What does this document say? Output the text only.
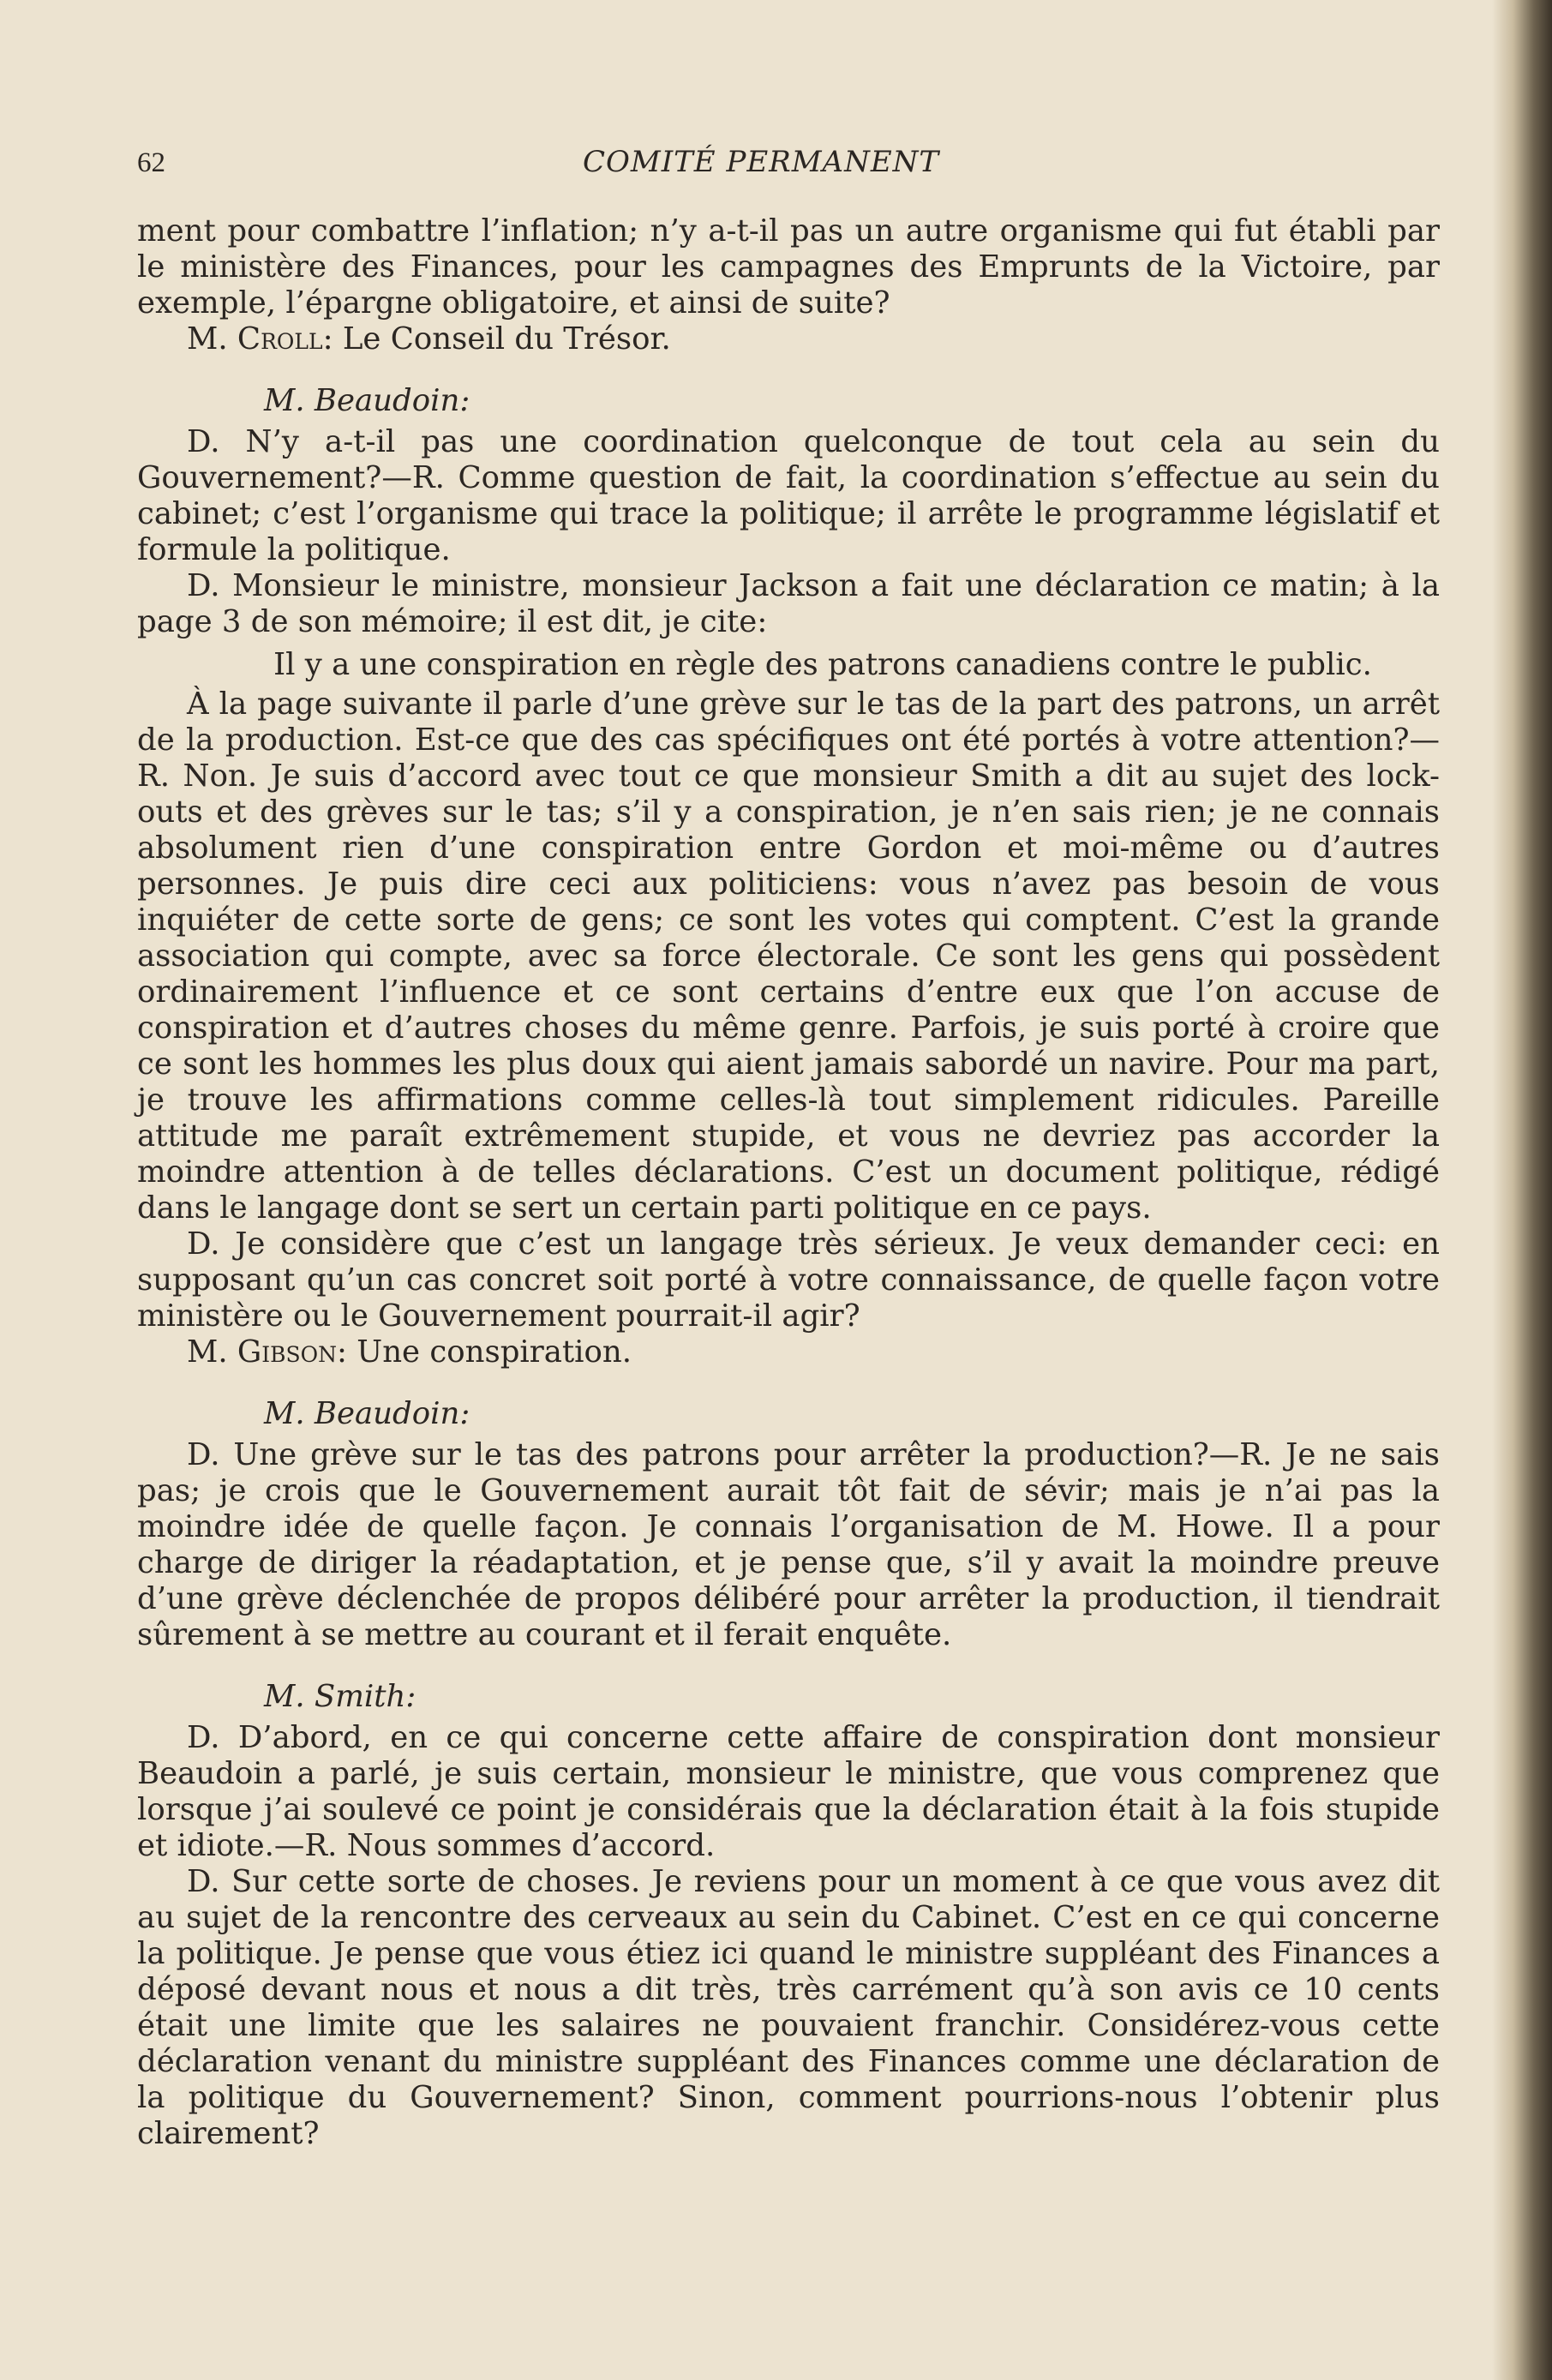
62	COMITÉ PERMANENT

ment pour combattre l’inflation; n’y a-t-il pas un autre organisme qui fut établi par le ministère des Finances, pour les campagnes des Emprunts de la Victoire, par exemple, l’épargne obligatoire, et ainsi de suite?

M. Croll: Le Conseil du Trésor.

M. Beaudoin:

D. N’y a-t-il pas une coordination quelconque de tout cela au sein du Gouvernement?—R. Comme question de fait, la coordination s’effectue au sein du cabinet; c’est l’organisme qui trace la politique; il arrête le programme législatif et formule la politique.

D. Monsieur le ministre, monsieur Jackson a fait une déclaration ce matin; à la page 3 de son mémoire; il est dit, je cite:

Il y a une conspiration en règle des patrons canadiens contre le public.

À la page suivante il parle d’une grève sur le tas de la part des patrons, un arrêt de la production. Est-ce que des cas spécifiques ont été portés à votre attention?—R. Non. Je suis d’accord avec tout ce que monsieur Smith a dit au sujet des lock-outs et des grèves sur le tas; s’il y a conspiration, je n’en sais rien; je ne connais absolument rien d’une conspiration entre Gordon et moi-même ou d’autres personnes. Je puis dire ceci aux politiciens: vous n’avez pas besoin de vous inquiéter de cette sorte de gens; ce sont les votes qui comptent. C’est la grande association qui compte, avec sa force électorale. Ce sont les gens qui possèdent ordinairement l’influence et ce sont certains d’entre eux que l’on accuse de conspiration et d’autres choses du même genre. Parfois, je suis porté à croire que ce sont les hommes les plus doux qui aient jamais sabordé un navire. Pour ma part, je trouve les affirmations comme celles-là tout simplement ridicules. Pareille attitude me paraît extrêmement stupide, et vous ne devriez pas accorder la moindre attention à de telles déclarations. C’est un document politique, rédigé dans le langage dont se sert un certain parti politique en ce pays.

D. Je considère que c’est un langage très sérieux. Je veux demander ceci: en supposant qu’un cas concret soit porté à votre connaissance, de quelle façon votre ministère ou le Gouvernement pourrait-il agir?

M. Gibson: Une conspiration.

M. Beaudoin:

D. Une grève sur le tas des patrons pour arrêter la production?—R. Je ne sais pas; je crois que le Gouvernement aurait tôt fait de sévir; mais je n’ai pas la moindre idée de quelle façon. Je connais l’organisation de M. Howe. Il a pour charge de diriger la réadaptation, et je pense que, s’il y avait la moindre preuve d’une grève déclenchée de propos délibéré pour arrêter la production, il tiendrait sûrement à se mettre au courant et il ferait enquête.

M. Smith:

D. D’abord, en ce qui concerne cette affaire de conspiration dont monsieur Beaudoin a parlé, je suis certain, monsieur le ministre, que vous comprenez que lorsque j’ai soulevé ce point je considérais que la déclaration était à la fois stupide et idiote.—R. Nous sommes d’accord.

D. Sur cette sorte de choses. Je reviens pour un moment à ce que vous avez dit au sujet de la rencontre des cerveaux au sein du Cabinet. C’est en ce qui concerne la politique. Je pense que vous étiez ici quand le ministre suppléant des Finances a déposé devant nous et nous a dit très, très carrément qu’à son avis ce 10 cents était une limite que les salaires ne pouvaient franchir. Considérez-vous cette déclaration venant du ministre suppléant des Finances comme une déclaration de la politique du Gouvernement? Sinon, comment pourrions-nous l’obtenir plus clairement?
